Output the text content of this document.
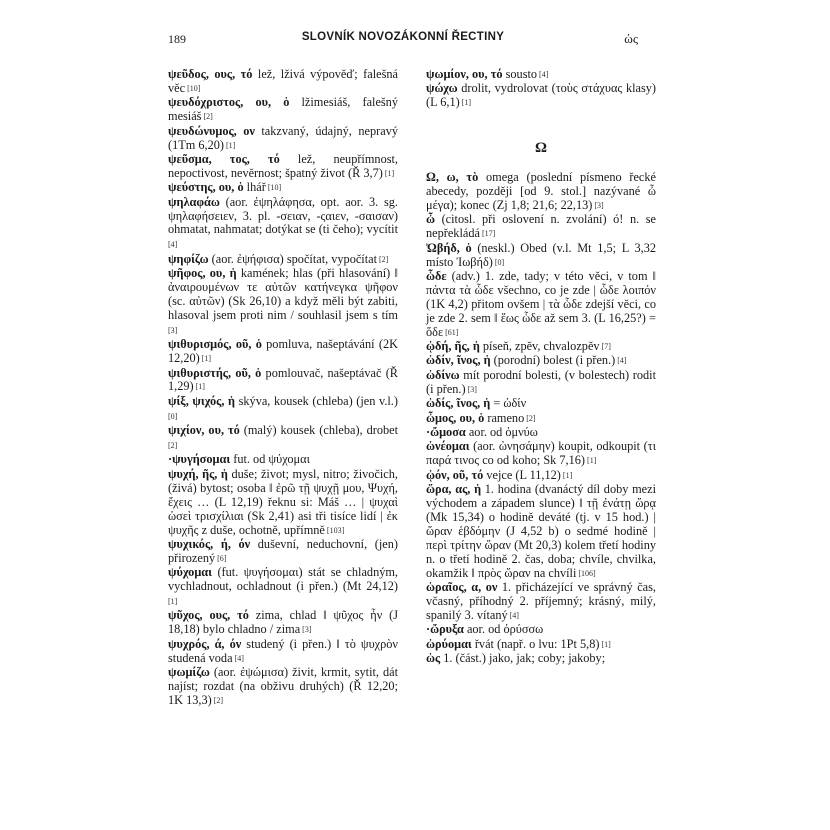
189	SLOVNÍK NOVOZÁKONNÍ ŘECTINY	ὡς
ψεῦδος, ους, τό lež, lživá výpověď; falešná věc [10]
ψευδόχριστος, ου, ὁ lžimesiáš, falešný mesiáš [2]
ψευδώνυμος, ον takzvaný, údajný, nepravý (1Tm 6,20) [1]
ψεῦσμα, τος, τό lež, neupřímnost, nepoctivost, nevěrnost; špatný život (Ř 3,7) [1]
ψεύστης, ου, ὁ lhář [10]
ψηλαφάω (aor. ἐψηλάφησα, opt. aor. 3. sg. ψηλαφήσειεν, 3. pl. -σειαν, -ςαιεν, -σαισαν) ohmatat, nahmatat; dotýkat se (ti čeho); vycítit [4]
ψηφίζω (aor. ἐψήφισα) spočítat, vypočítat [2]
ψῆφος, ου, ἡ kamének; hlas (při hlasování) ‖ ἀναιρουμένων τε αὐτῶν κατήνεγκα ψῆφον (sc. αὐτῶν) (Sk 26,10) a když měli být zabiti, hlasoval jsem proti nim / souhlasil jsem s tím [3]
ψιθυρισμός, οῦ, ὁ pomluva, našeptávání (2K 12,20) [1]
ψιθυριστής, οῦ, ὁ pomlouvač, našeptávač (Ř 1,29) [1]
ψίξ, ψιχός, ἡ skýva, kousek (chleba) (jen v.l.) [0]
ψιχίον, ου, τό (malý) kousek (chleba), drobet [2]
·ψυγήσομαι fut. od ψύχομαι
ψυχή, ῆς, ἡ duše; život; mysl, nitro; živočich, (živá) bytost; osoba ‖ ἐρῶ τῇ ψυχῇ μου, Ψυχή, ἔχεις … (L 12,19) řeknu si: Máš … | ψυχαὶ ὡσεὶ τρισχίλιαι (Sk 2,41) asi tři tisíce lidí | ἐκ ψυχῆς z duše, ochotně, upřímně [103]
ψυχικός, ή, όν duševní, neduchovní, (jen) přirozený [6]
ψύχομαι (fut. ψυγήσομαι) stát se chladným, vychladnout, ochladnout (i přen.) (Mt 24,12) [1]
ψῦχος, ους, τό zima, chlad ‖ ψῦχος ἦν (J 18,18) bylo chladno / zima [3]
ψυχρός, ά, όν studený (i přen.) ‖ τὸ ψυχρὸν studená voda [4]
ψωμίζω (aor. ἐψώμισα) živit, krmit, sytit, dát najíst; rozdat (na obživu druhých) (Ř 12,20; 1K 13,3) [2]
ψωμίον, ου, τό sousto [4]
ψώχω drolit, vydrolovat (τοὺς στάχυας klasy) (L 6,1) [1]
Ω
Ω, ω, τὸ omega (poslední písmeno řecké abecedy, později [od 9. stol.] nazývané ὦ μέγα); konec (Zj 1,8; 21,6; 22,13) [3]
ὦ (citosl. při oslovení n. zvolání) ó! n. se nepřekládá [17]
Ὠβήδ, ὁ (neskl.) Obed (v.l. Mt 1,5; L 3,32 místo Ἰωβήδ) [0]
ὧδε (adv.) 1. zde, tady; v této věci, v tom ‖ πάντα τὰ ὧδε všechno, co je zde | ὧδε λοιπόν (1K 4,2) přitom ovšem | τὰ ὧδε zdejší věci, co je zde 2. sem ‖ ἕως ὧδε až sem 3. (L 16,25?) = ὅδε [61]
ᾠδή, ῆς, ἡ píseň, zpěv, chvalozpěv [7]
ὠδίν, ῖνος, ἡ (porodní) bolest (i přen.) [4]
ὠδίνω mít porodní bolesti, (v bolestech) rodit (i přen.) [3]
ὠδίς, ῖνος, ἡ = ὠδίν
ὦμος, ου, ὁ rameno [2]
·ὤμοσα aor. od ὀμνύω
ὠνέομαι (aor. ὠνησάμην) koupit, odkoupit (τι παρά τινος co od koho; Sk 7,16) [1]
ᾠόν, οῦ, τό vejce (L 11,12) [1]
ὥρα, ας, ἡ 1. hodina (dvanáctý díl doby mezi východem a západem slunce) ‖ τῇ ἐνάτῃ ὥρᾳ (Mk 15,34) o hodině deváté (tj. v 15 hod.) | ὥραν ἑβδόμην (J 4,52 b) o sedmé hodině | περὶ τρίτην ὥραν (Mt 20,3) kolem třetí hodiny n. o třetí hodině 2. čas, doba; chvíle, chvilka, okamžik ‖ πρὸς ὥραν na chvíli [106]
ὡραῖος, α, ον 1. přicházející ve správný čas, včasný, příhodný 2. příjemný; krásný, milý, spanilý 3. vítaný [4]
·ὤρυξα aor. od ὀρύσσω
ὠρύομαι řvát (např. o lvu: 1Pt 5,8) [1]
ὡς 1. (část.) jako, jak; coby; jakoby;
